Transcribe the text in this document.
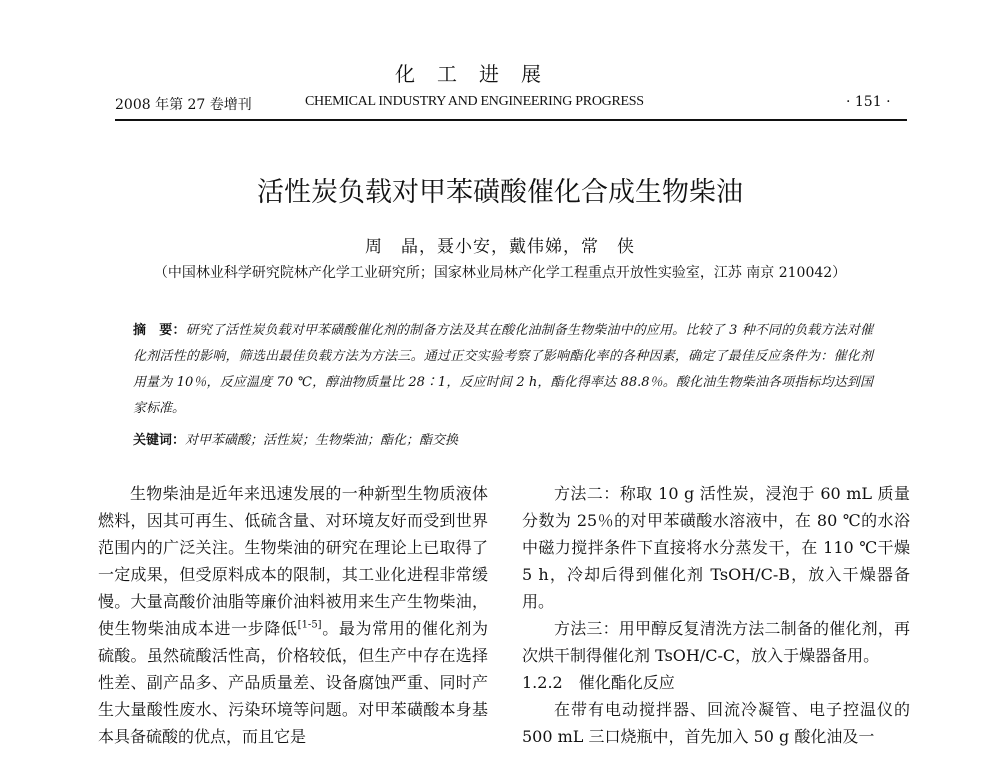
化工进展
2008 年第 27 卷增刊	CHEMICAL INDUSTRY AND ENGINEERING PROGRESS	· 151 ·
活性炭负载对甲苯磺酸催化合成生物柴油
周　晶，聂小安，戴伟娣，常　侠
（中国林业科学研究院林产化学工业研究所；国家林业局林产化学工程重点开放性实验室，江苏 南京 210042）
摘　要：研究了活性炭负载对甲苯磺酸催化剂的制备方法及其在酸化油制备生物柴油中的应用。比较了 3 种不同的负载方法对催化剂活性的影响，筛选出最佳负载方法为方法三。通过正交实验考察了影响酯化率的各种因素，确定了最佳反应条件为：催化剂用量为 10％，反应温度 70 ℃，醇油物质量比 28∶1，反应时间 2 h，酯化得率达 88.8％。酸化油生物柴油各项指标均达到国家标准。
关键词：对甲苯磺酸；活性炭；生物柴油；酯化；酯交换

生物柴油是近年来迅速发展的一种新型生物质液体燃料，因其可再生、低硫含量、对环境友好而受到世界范围内的广泛关注。生物柴油的研究在理论上已取得了一定成果，但受原料成本的限制，其工业化进程非常缓慢。大量高酸价油脂等廉价油料被用来生产生物柴油，使生物柴油成本进一步降低[1-5]。最为常用的催化剂为硫酸。虽然硫酸活性高，价格较低，但生产中存在选择性差、副产品多、产品质量差、设备腐蚀严重、同时产生大量酸性废水、污染环境等问题。对甲苯磺酸本身基本具备硫酸的优点，而且它是

方法二：称取 10 g 活性炭，浸泡于 60 mL 质量分数为 25％的对甲苯磺酸水溶液中，在 80 ℃的水浴中磁力搅拌条件下直接将水分蒸发干，在 110 ℃干燥 5 h，冷却后得到催化剂 TsOH/C-B，放入干燥器备用。

方法三：用甲醇反复清洗方法二制备的催化剂，再次烘干制得催化剂 TsOH/C-C，放入于燥器备用。

1.2.2　催化酯化反应

在带有电动搅拌器、回流冷凝管、电子控温仪的 500 mL 三口烧瓶中，首先加入 50 g 酸化油及一
